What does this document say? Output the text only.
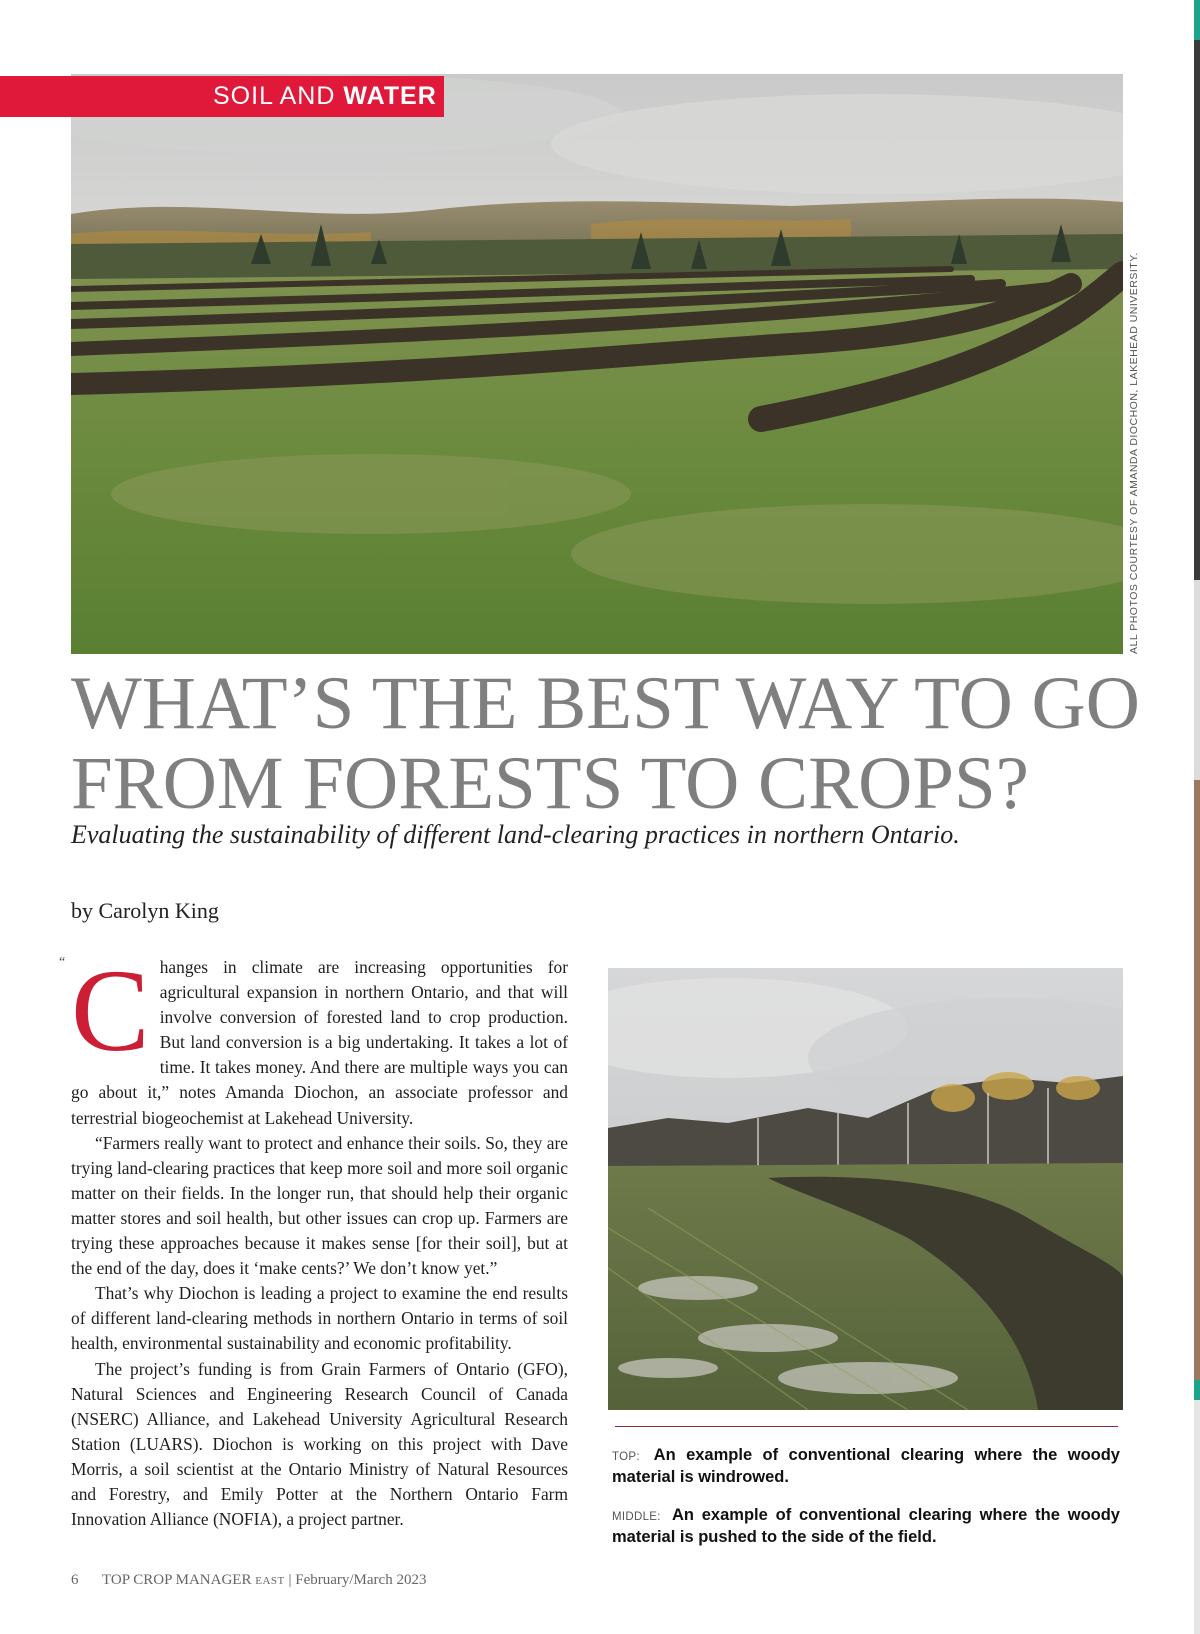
SOIL AND WATER
ALL PHOTOS COURTESY OF AMANDA DIOCHON, LAKEHEAD UNIVERSITY.
WHAT’S THE BEST WAY TO GO FROM FORESTS TO CROPS?
Evaluating the sustainability of different land-clearing practices in northern Ontario.
by Carolyn King
“ Changes in climate are increasing opportunities for agricultural expansion in northern Ontario, and that will involve conversion of forested land to crop production. But land conversion is a big undertaking. It takes a lot of time. It takes money. And there are multiple ways you can go about it,” notes Amanda Diochon, an associate professor and terrestrial biogeochemist at Lakehead University.

“Farmers really want to protect and enhance their soils. So, they are trying land-clearing practices that keep more soil and more soil organic matter on their fields. In the longer run, that should help their organic matter stores and soil health, but other issues can crop up. Farmers are trying these approaches because it makes sense [for their soil], but at the end of the day, does it ‘make cents?’ We don’t know yet.”

That’s why Diochon is leading a project to examine the end results of different land-clearing methods in northern Ontario in terms of soil health, environmental sustainability and economic profitability.

The project’s funding is from Grain Farmers of Ontario (GFO), Natural Sciences and Engineering Research Council of Canada (NSERC) Alliance, and Lakehead University Agricultural Research Station (LUARS). Diochon is working on this project with Dave Morris, a soil scientist at the Ontario Ministry of Natural Resources and Forestry, and Emily Potter at the Northern Ontario Farm Innovation Alliance (NOFIA), a project partner.

TOP: An example of conventional clearing where the woody material is windrowed.
MIDDLE: An example of conventional clearing where the woody material is pushed to the side of the field.
6 TOP CROP MANAGER EAST | February/March 2023
